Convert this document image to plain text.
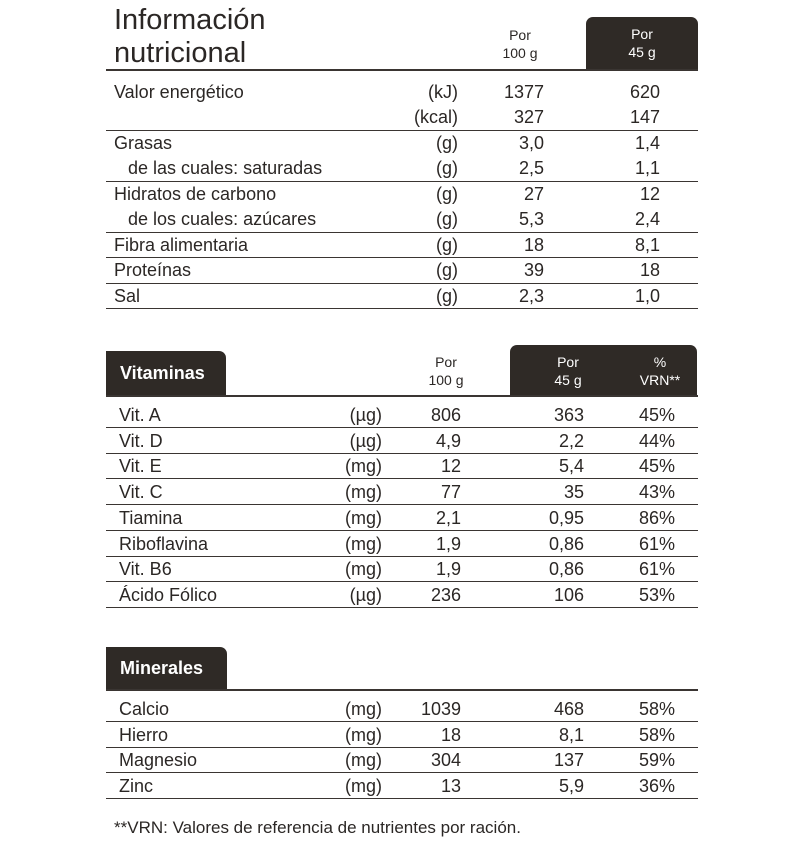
Información
nutricional
Por
100 g
Por
45 g
Valor energético	(kJ)	1377	620
(kcal)	327	147
Grasas	(g)	3,0	1,4
de las cuales: saturadas	(g)	2,5	1,1
Hidratos de carbono	(g)	27	12
de los cuales: azúcares	(g)	5,3	2,4
Fibra alimentaria	(g)	18	8,1
Proteínas	(g)	39	18
Sal	(g)	2,3	1,0
Vitaminas
Por
100 g
Por
45 g
%
VRN**
Vit. A	(µg)	806	363	45%
Vit. D	(µg)	4,9	2,2	44%
Vit. E	(mg)	12	5,4	45%
Vit. C	(mg)	77	35	43%
Tiamina	(mg)	2,1	0,95	86%
Riboflavina	(mg)	1,9	0,86	61%
Vit. B6	(mg)	1,9	0,86	61%
Ácido Fólico	(µg)	236	106	53%
Minerales
Calcio	(mg)	1039	468	58%
Hierro	(mg)	18	8,1	58%
Magnesio	(mg)	304	137	59%
Zinc	(mg)	13	5,9	36%
**VRN: Valores de referencia de nutrientes por ración.
